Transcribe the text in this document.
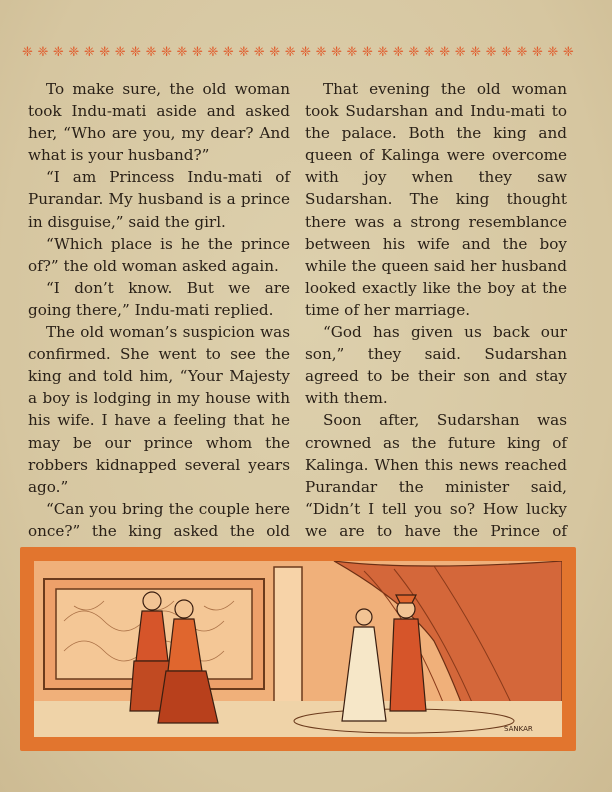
❈ ❈ ❈ ❈ ❈ ❈ ❈ ❈ ❈ ❈ ❈ ❈ ❈ ❈ ❈ ❈ ❈ ❈ ❈ ❈ ❈ ❈ ❈ ❈ ❈ ❈ ❈ ❈ ❈ ❈ ❈ ❈ ❈ ❈ ❈ ❈

To make sure, the old woman took Indu-mati aside and asked her, “Who are you, my dear? And what is your husband?”

“I am Princess Indu-mati of Purandar. My husband is a prince in disguise,” said the girl.

“Which place is he the prince of?” the old woman asked again.

“I don’t know. But we are going there,” Indu-mati replied.

The old woman’s suspicion was confirmed. She went to see the king and told him, “Your Majesty a boy is lodging in my house with his wife. I have a feeling that he may be our prince whom the robbers kidnapped several years ago.”

“Can you bring the couple here once?” the king asked the old

That evening the old woman took Sudarshan and Indu-mati to the palace. Both the king and queen of Kalinga were overcome with joy when they saw Sudarshan. The king thought there was a strong resemblance between his wife and the boy while the queen said her husband looked exactly like the boy at the time of her marriage.

“God has given us back our son,” they said. Sudarshan agreed to be their son and stay with them.

Soon after, Sudarshan was crowned as the future king of Kalinga. When this news reached Purandar the minister said, “Didn’t I tell you so? How lucky we are to have the Prince of

SANKAR
